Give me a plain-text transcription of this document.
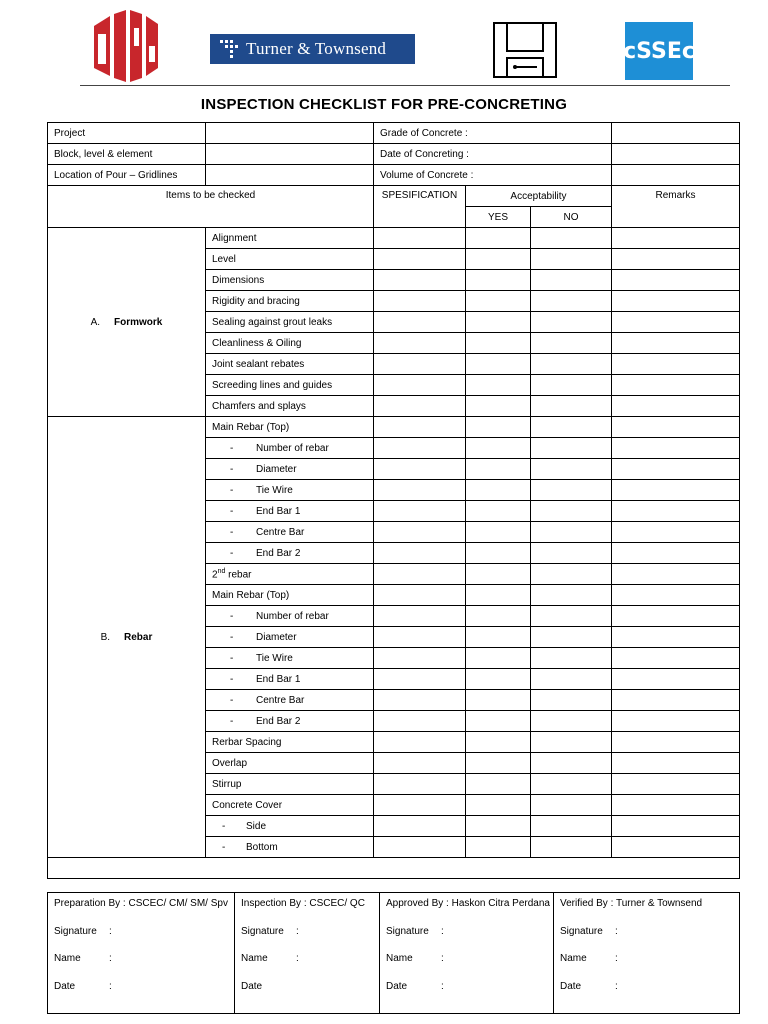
Turner & Townsend	cSSEc
INSPECTION CHECKLIST FOR PRE-CONCRETING
Project		Grade of Concrete :			
Block, level & element		Date of Concreting :			
Location of Pour – Gridlines		Volume of Concrete :			
Items to be checked		SPESIFICATION	Acceptability		Remarks
			YES	NO	
A. Formwork	Alignment				
	Level				
	Dimensions				
	Rigidity and bracing				
	Sealing against grout leaks				
	Cleanliness & Oiling				
	Joint sealant rebates				
	Screeding lines and guides				
	Chamfers and splays				
B. Rebar	Main Rebar (Top)				
	- Number of rebar				
	- Diameter				
	- Tie Wire				
	- End Bar 1				
	- Centre Bar				
	- End Bar 2				
	2nd rebar				
	Main Rebar (Top)				
	- Number of rebar				
	- Diameter				
	- Tie Wire				
	- End Bar 1				
	- Centre Bar				
	- End Bar 2				
	Rerbar Spacing				
	Overlap				
	Stirrup				
	Concrete Cover				
	- Side				
	- Bottom				

Preparation By : CSCEC/ CM/ SM/ Spv
Signature :
Name	:
Date	:

Inspection By : CSCEC/ QC
Signature :
Name	:
Date

Approved By : Haskon Citra Perdana
Signature :
Name	:
Date	:

Verified By : Turner & Townsend
Signature :
Name	:
Date	:
